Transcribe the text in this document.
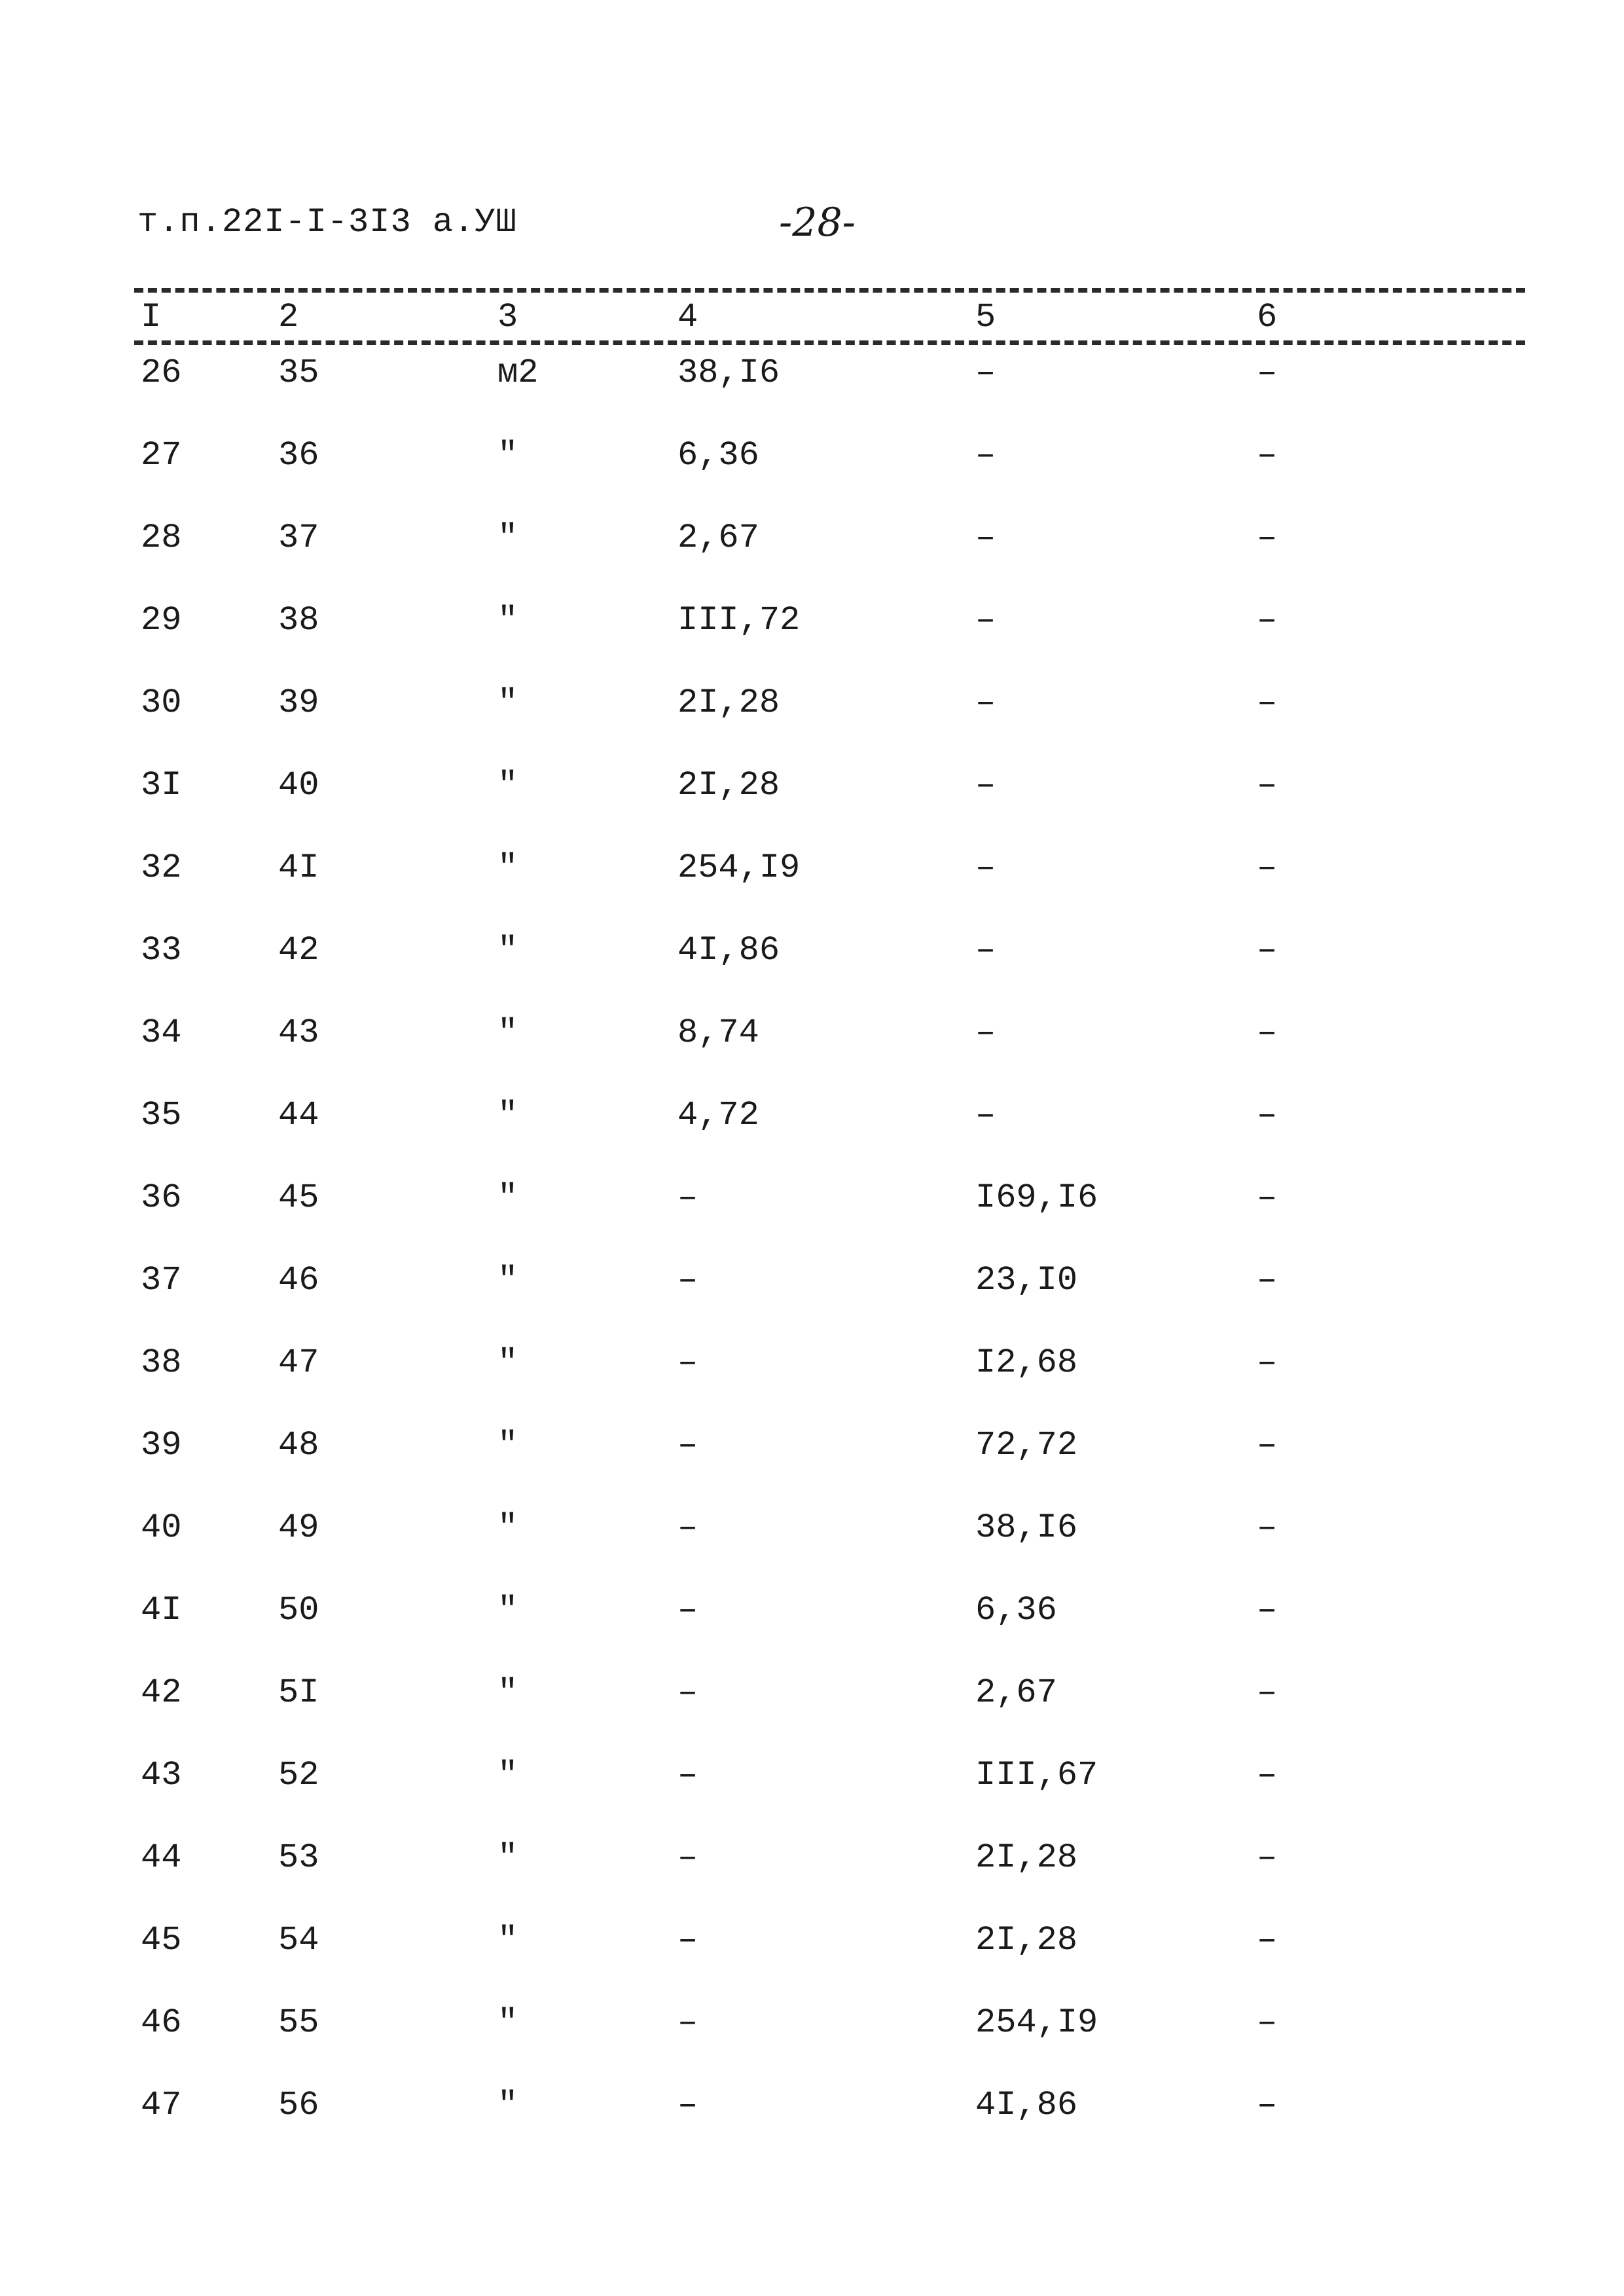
т.п.22I-I-3I3 а.УШ	-28-
I	2	3	4	5	6
26	35	м2	38,I6	–	–
27	36	"	6,36	–	–
28	37	"	2,67	–	–
29	38	"	III,72	–	–
30	39	"	2I,28	–	–
3I	40	"	2I,28	–	–
32	4I	"	254,I9	–	–
33	42	"	4I,86	–	–
34	43	"	8,74	–	–
35	44	"	4,72	–	–
36	45	"	–	I69,I6	–
37	46	"	–	23,I0	–
38	47	"	–	I2,68	–
39	48	"	–	72,72	–
40	49	"	–	38,I6	–
4I	50	"	–	6,36	–
42	5I	"	–	2,67	–
43	52	"	–	III,67	–
44	53	"	–	2I,28	–
45	54	"	–	2I,28	–
46	55	"	–	254,I9	–
47	56	"	–	4I,86	–
